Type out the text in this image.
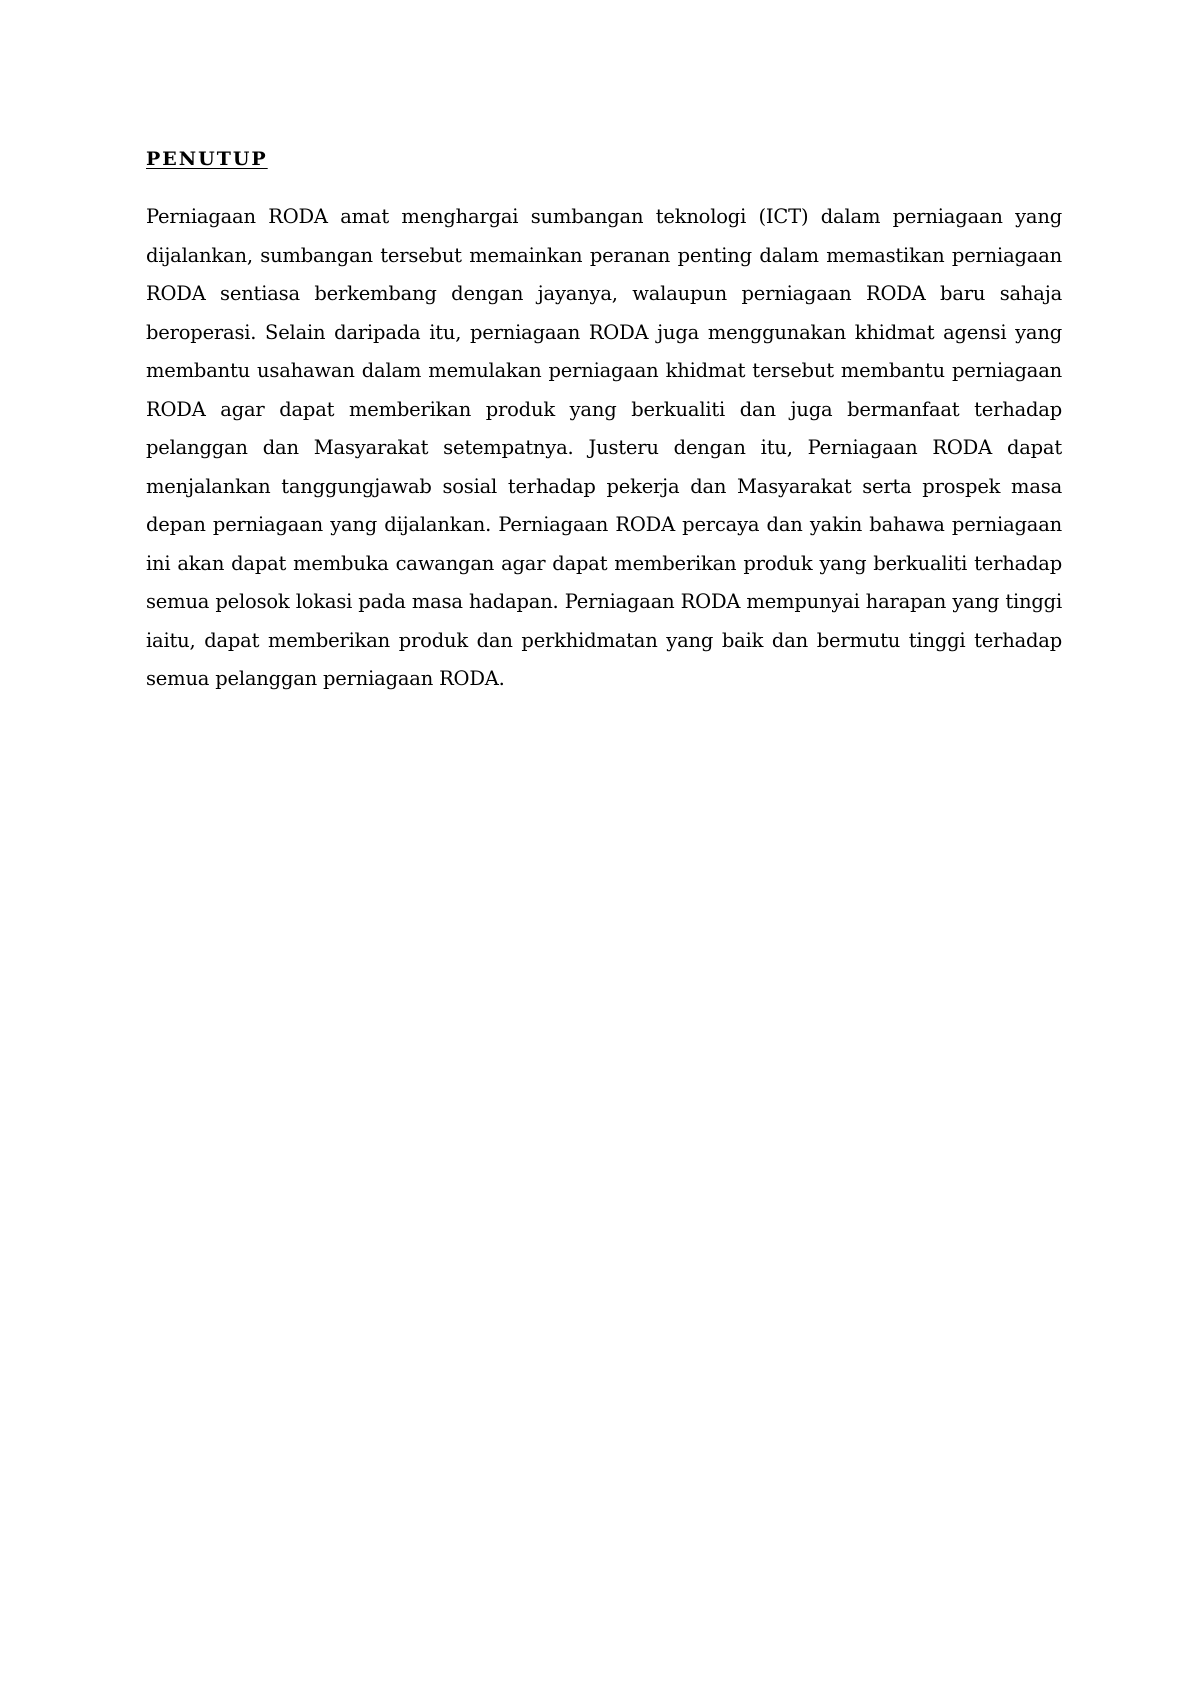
PENUTUP

Perniagaan RODA amat menghargai sumbangan teknologi (ICT) dalam perniagaan yang dijalankan, sumbangan tersebut memainkan peranan penting dalam memastikan perniagaan RODA sentiasa berkembang dengan jayanya, walaupun perniagaan RODA baru sahaja beroperasi. Selain daripada itu, perniagaan RODA juga menggunakan khidmat agensi yang membantu usahawan dalam memulakan perniagaan khidmat tersebut membantu perniagaan RODA agar dapat memberikan produk yang berkualiti dan juga bermanfaat terhadap pelanggan dan Masyarakat setempatnya. Justeru dengan itu, Perniagaan RODA dapat menjalankan tanggungjawab sosial terhadap pekerja dan Masyarakat serta prospek masa depan perniagaan yang dijalankan. Perniagaan RODA percaya dan yakin bahawa perniagaan ini akan dapat membuka cawangan agar dapat memberikan produk yang berkualiti terhadap semua pelosok lokasi pada masa hadapan. Perniagaan RODA mempunyai harapan yang tinggi iaitu, dapat memberikan produk dan perkhidmatan yang baik dan bermutu tinggi terhadap semua pelanggan perniagaan RODA.
